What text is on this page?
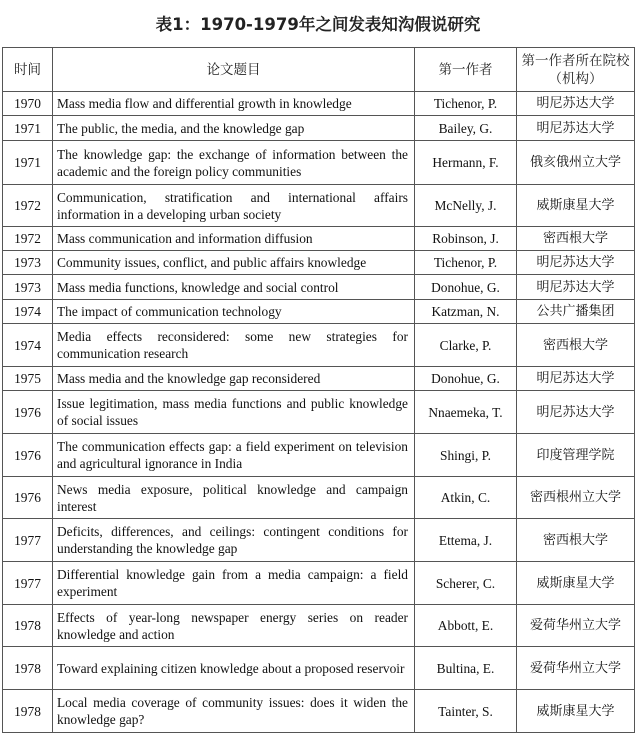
表1：1970-1979年之间发表知沟假说研究
时间	论文题目	第一作者	第一作者所在院校（机构）
1970	Mass media flow and differential growth in knowledge	Tichenor, P.	明尼苏达大学
1971	The public, the media, and the knowledge gap	Bailey, G.	明尼苏达大学
1971	The knowledge gap: the exchange of information between the academic and the foreign policy communities	Hermann, F.	俄亥俄州立大学
1972	Communication, stratification and international affairs information in a developing urban society	McNelly, J.	威斯康星大学
1972	Mass communication and information diffusion	Robinson, J.	密西根大学
1973	Community issues, conflict, and public affairs knowledge	Tichenor, P.	明尼苏达大学
1973	Mass media functions, knowledge and social control	Donohue, G.	明尼苏达大学
1974	The impact of communication technology	Katzman, N.	公共广播集团
1974	Media effects reconsidered: some new strategies for communication research	Clarke, P.	密西根大学
1975	Mass media and the knowledge gap reconsidered	Donohue, G.	明尼苏达大学
1976	Issue legitimation, mass media functions and public knowledge of social issues	Nnaemeka, T.	明尼苏达大学
1976	The communication effects gap: a field experiment on television and agricultural ignorance in India	Shingi, P.	印度管理学院
1976	News media exposure, political knowledge and campaign interest	Atkin, C.	密西根州立大学
1977	Deficits, differences, and ceilings: contingent conditions for understanding the knowledge gap	Ettema, J.	密西根大学
1977	Differential knowledge gain from a media campaign: a field experiment	Scherer, C.	威斯康星大学
1978	Effects of year-long newspaper energy series on reader knowledge and action	Abbott, E.	爱荷华州立大学
1978	Toward explaining citizen knowledge about a proposed reservoir	Bultina, E.	爱荷华州立大学
1978	Local media coverage of community issues: does it widen the knowledge gap?	Tainter, S.	威斯康星大学
